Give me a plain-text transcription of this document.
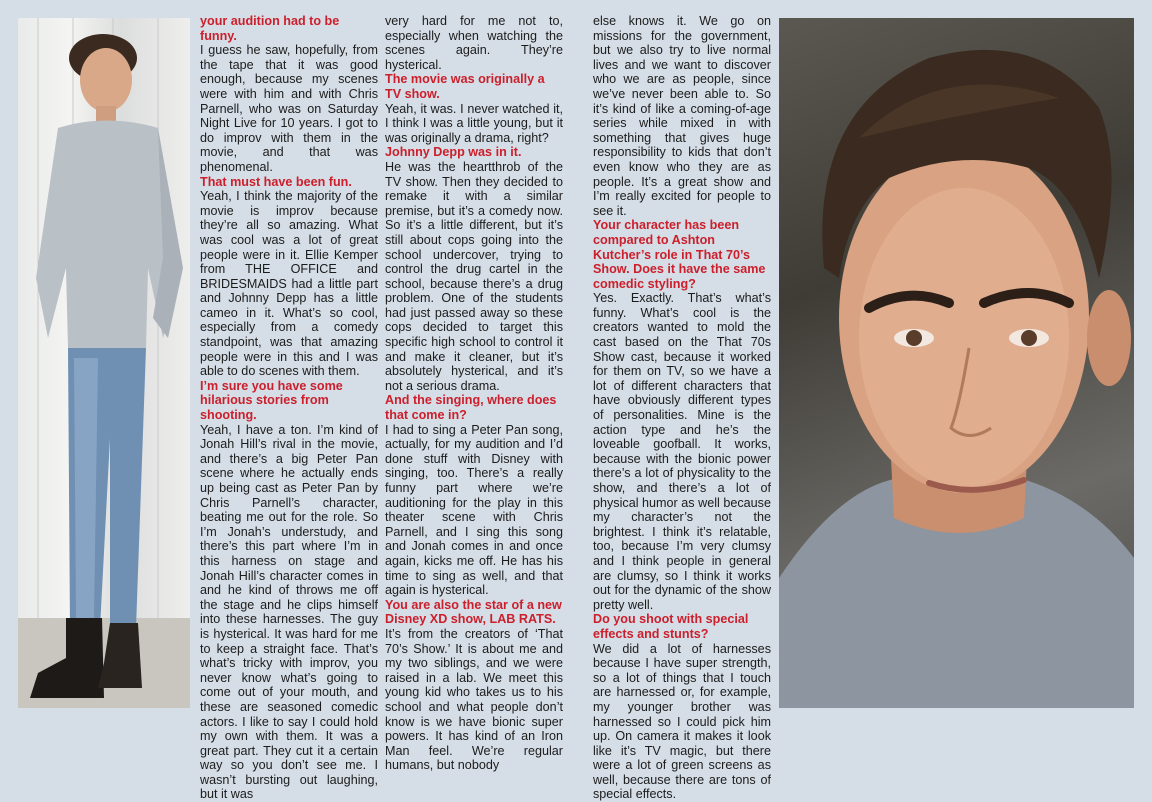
your audition had to be funny.

I guess he saw, hopefully, from the tape that it was good enough, because my scenes were with him and with Chris Parnell, who was on Saturday Night Live for 10 years. I got to do improv with them in the movie, and that was phenomenal.

That must have been fun.

Yeah, I think the majority of the movie is improv because they’re all so amazing. What was cool was a lot of great people were in it. Ellie Kemper from THE OFFICE and BRIDESMAIDS had a little part and Johnny Depp has a little cameo in it. What’s so cool, especially from a comedy standpoint, was that amazing people were in this and I was able to do scenes with them.

I’m sure you have some hilarious stories from shooting.

Yeah, I have a ton. I’m kind of Jonah Hill’s rival in the movie, and there’s a big Peter Pan scene where he actually ends up being cast as Peter Pan by Chris Parnell’s character, beating me out for the role. So I’m Jonah’s understudy, and there’s this part where I’m in this harness on stage and Jonah Hill’s character comes in and he kind of throws me off the stage and he clips himself into these harnesses. The guy is hysterical. It was hard for me to keep a straight face. That’s what’s tricky with improv, you never know what’s going to come out of your mouth, and these are seasoned comedic actors. I like to say I could hold my own with them. It was a great part. They cut it a certain way so you don’t see me. I wasn’t bursting out laughing, but it was

very hard for me not to, especially when watching the scenes again. They’re hysterical.

The movie was originally a TV show.

Yeah, it was. I never watched it, I think I was a little young, but it was originally a drama, right?

Johnny Depp was in it.

He was the heartthrob of the TV show. Then they decided to remake it with a similar premise, but it’s a comedy now. So it’s a little different, but it’s still about cops going into the school undercover, trying to control the drug cartel in the school, because there’s a drug problem. One of the students had just passed away so these cops decided to target this specific high school to control it and make it cleaner, but it’s absolutely hysterical, and it’s not a serious drama.

And the singing, where does that come in?

I had to sing a Peter Pan song, actually, for my audition and I’d done stuff with Disney with singing, too. There’s a really funny part where we’re auditioning for the play in this theater scene with Chris Parnell, and I sing this song and Jonah comes in and once again, kicks me off. He has his time to sing as well, and that again is hysterical.

You are also the star of a new Disney XD show, LAB RATS.

It’s from the creators of ‘That 70’s Show.’ It is about me and my two siblings, and we were raised in a lab. We meet this young kid who takes us to his school and what people don’t know is we have bionic super powers. It has kind of an Iron Man feel. We’re regular humans, but nobody

else knows it. We go on missions for the government, but we also try to live normal lives and we want to discover who we are as people, since we’ve never been able to. So it’s kind of like a coming-of-age series while mixed in with something that gives huge responsibility to kids that don’t even know who they are as people. It’s a great show and I’m really excited for people to see it.

Your character has been compared to Ashton Kutcher’s role in That 70’s Show. Does it have the same comedic styling?

Yes. Exactly. That’s what’s funny. What’s cool is the creators wanted to mold the cast based on the That 70s Show cast, because it worked for them on TV, so we have a lot of different characters that have obviously different types of personalities. Mine is the action type and he’s the loveable goofball. It works, because with the bionic power there’s a lot of physicality to the show, and there’s a lot of physical humor as well because my character’s not the brightest. I think it’s relatable, too, because I’m very clumsy and I think people in general are clumsy, so I think it works out for the dynamic of the show pretty well.

Do you shoot with special effects and stunts?

We did a lot of harnesses because I have super strength, so a lot of things that I touch are harnessed or, for example, my younger brother was harnessed so I could pick him up. On camera it makes it look like it’s TV magic, but there were a lot of green screens as well, because there are tons of special effects.
